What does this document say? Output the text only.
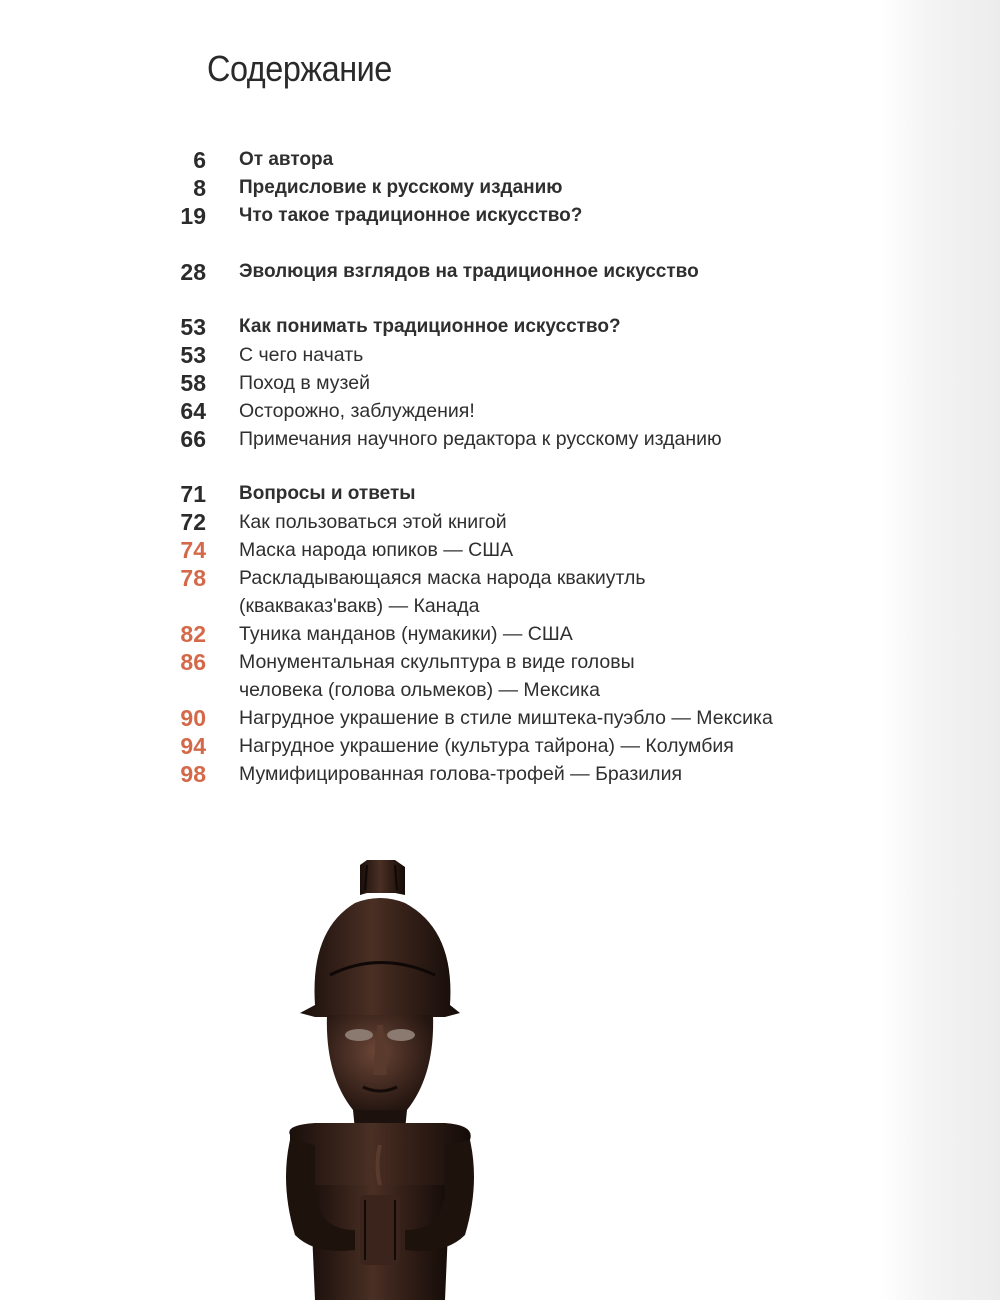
Содержание
6 От автора
8 Предисловие к русскому изданию
19 Что такое традиционное искусство?
28 Эволюция взглядов на традиционное искусство
53 Как понимать традиционное искусство?
53 С чего начать
58 Поход в музей
64 Осторожно, заблуждения!
66 Примечания научного редактора к русскому изданию
71 Вопросы и ответы
72 Как пользоваться этой книгой
74 Маска народа юпиков — США
78 Раскладывающаяся маска народа квакиутль
(квакваказ'вакв) — Канада
82 Туника манданов (нумакики) — США
86 Монументальная скульптура в виде головы
человека (голова ольмеков) — Мексика
90 Нагрудное украшение в стиле миштека-пуэбло — Мексика
94 Нагрудное украшение (культура тайрона) — Колумбия
98 Мумифицированная голова-трофей — Бразилия
